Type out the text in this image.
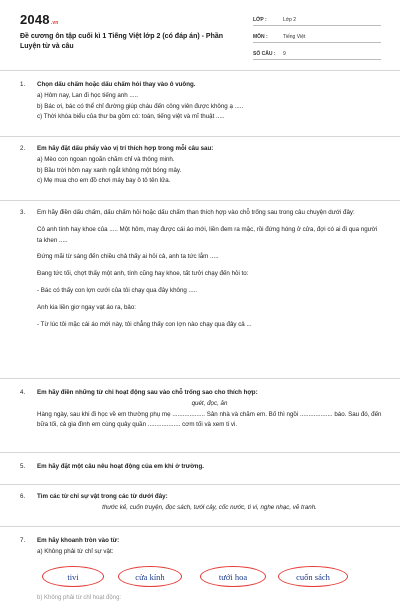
2048.vn
Đề cương ôn tập cuối kì 1 Tiếng Việt lớp 2 (có đáp án) - Phần Luyện từ và câu
LỚP :	Lớp 2
MÔN :	Tiếng Việt
SỐ CÂU :	9
1. Chọn dấu chấm hoặc dấu chấm hỏi thay vào ô vuông.
a) Hôm nay, Lan đi học tiếng anh .....
b) Bác ơi, bác có thể chỉ đường giúp cháu đến công viên được không ạ .....
c) Thời khóa biểu của thư ba gồm có: toán, tiếng việt và mĩ thuật .....
2. Em hãy đặt dấu phẩy vào vị trí thích hợp trong mỗi câu sau:
a) Mèo con ngoan ngoãn chăm chỉ và thông minh.
b) Bầu trời hôm nay xanh ngắt không một bóng mây.
c) Mẹ mua cho em đồ chơi máy bay ô tô tên lửa.
3. Em hãy điền dấu chấm, dấu chấm hỏi hoặc dấu chấm than thích hợp vào chỗ trống sau trong câu chuyện dưới đây:
Cô anh tính hay khoe của ..... Một hôm, may được cái áo mới, liền đem ra mặc, rồi đứng hóng ở cửa, đợi có ai đi qua người ta khen .....
Đứng mãi từ sáng đến chiều chả thấy ai hỏi cả, anh ta tức lắm .....
Đang tức tối, chợt thấy một anh, tính cũng hay khoe, tất tưởi chạy đến hỏi to:
- Bác có thấy con lợn cưới của tôi chạy qua đây không .....
Anh kia liền giơ ngay vạt áo ra, bảo:
- Từ lúc tôi mặc cái áo mới này, tôi chẳng thấy con lợn nào chạy qua đây cả ...
4. Em hãy điền những từ chỉ hoạt động sau vào chỗ trống sao cho thích hợp:
quét, đọc, ăn
Hàng ngày, sau khi đi học về em thường phụ mẹ ................... Sân nhà và chăm em. Bố thì ngồi ................... báo. Sau đó, đến bữa tối, cả gia đình em cùng quây quần ................... cơm tối và xem ti vi.
5. Em hãy đặt một câu nêu hoạt động của em khi ở trường.
6. Tìm các từ chỉ sự vật trong các từ dưới đây:
thước kẻ, cuốn truyện, đọc sách, tưới cây, cốc nước, ti vi, nghe nhạc, vẽ tranh.
7. Em hãy khoanh tròn vào từ:
a) Không phải từ chỉ sự vật:
tivi	cửa kính	tưới hoa	cuốn sách
b) Không phải từ chỉ hoạt động:
